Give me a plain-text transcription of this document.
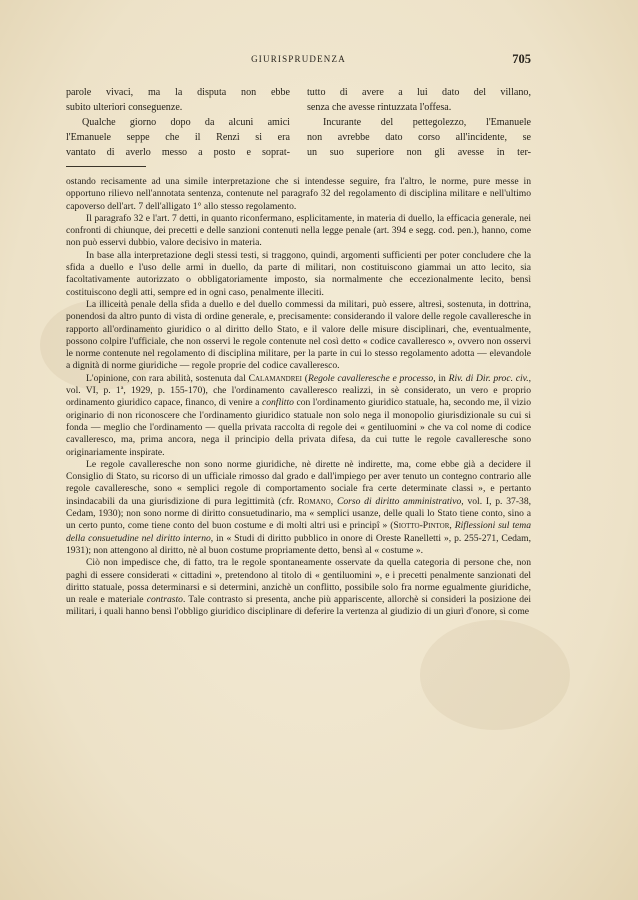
GIURISPRUDENZA	705

parole vivaci, ma la disputa non ebbe

subito ulteriori conseguenze.

Qualche giorno dopo da alcuni amici

l'Emanuele seppe che il Renzi si era

vantato di averlo messo a posto e soprat-

tutto di avere a lui dato del villano,

senza che avesse rintuzzata l'offesa.

Incurante del pettegolezzo, l'Emanuele

non avrebbe dato corso all'incidente, se

un suo superiore non gli avesse in ter-

ostando recisamente ad una simile interpretazione che si intendesse seguire, fra l'altro, le norme, pure messe in opportuno rilievo nell'annotata sentenza, contenute nel paragrafo 32 del regolamento di disciplina militare e nell'ultimo capoverso dell'art. 7 dell'alligato 1° allo stesso regolamento.

Il paragrafo 32 e l'art. 7 detti, in quanto riconfermano, esplicitamente, in materia di duello, la efficacia generale, nei confronti di chiunque, dei precetti e delle sanzioni contenuti nella legge penale (art. 394 e segg. cod. pen.), hanno, come non può esservi dubbio, valore decisivo in materia.

In base alla interpretazione degli stessi testi, si traggono, quindi, argomenti sufficienti per poter concludere che la sfida a duello e l'uso delle armi in duello, da parte di militari, non costituiscono giammai un atto lecito, sia facoltativamente autorizzato o obbligatoriamente imposto, sia normalmente che eccezionalmente lecito, bensì costituiscono degli atti, sempre ed in ogni caso, penalmente illeciti.

La illiceità penale della sfida a duello e del duello commessi da militari, può essere, altresì, sostenuta, in dottrina, ponendosi da altro punto di vista di ordine generale, e, precisamente: considerando il valore delle regole cavalleresche in rapporto all'ordinamento giuridico o al diritto dello Stato, e il valore delle misure disciplinari, che, eventualmente, possono colpire l'ufficiale, che non osservi le regole contenute nel così detto « codice cavalleresco », ovvero non osservi le norme contenute nel regolamento di disciplina militare, per la parte in cui lo stesso regolamento adotta — elevandole a dignità di norme giuridiche — regole proprie del codice cavalleresco.

L'opinione, con rara abilità, sostenuta dal Calamandrei (Regole cavalleresche e processo, in Riv. di Dir. proc. civ., vol. VI, p. 1ª, 1929, p. 155-170), che l'ordinamento cavalleresco realizzi, in sè considerato, un vero e proprio ordinamento giuridico capace, financo, di venire a conflitto con l'ordinamento giuridico statuale, ha, secondo me, il vizio originario di non riconoscere che l'ordinamento giuridico statuale non solo nega il monopolio giurisdizionale su cui si fonda — meglio che l'ordinamento — quella privata raccolta di regole dei « gentiluomini » che va col nome di codice cavalleresco, ma, prima ancora, nega il principio della privata difesa, da cui tutte le regole cavalleresche sono originariamente inspirate.

Le regole cavalleresche non sono norme giuridiche, nè dirette nè indirette, ma, come ebbe già a decidere il Consiglio di Stato, su ricorso di un ufficiale rimosso dal grado e dall'impiego per aver tenuto un contegno contrario alle regole cavalleresche, sono « semplici regole di comportamento sociale fra certe determinate classi », e pertanto insindacabili da una giurisdizione di pura legittimità (cfr. Romano, Corso di diritto amministrativo, vol. I, p. 37-38, Cedam, 1930); non sono norme di diritto consuetudinario, ma « semplici usanze, delle quali lo Stato tiene conto, sino a un certo punto, come tiene conto del buon costume e di molti altri usi e principî » (Siotto-Pintor, Riflessioni sul tema della consuetudine nel diritto interno, in « Studi di diritto pubblico in onore di Oreste Ranelletti », p. 255-271, Cedam, 1931); non attengono al diritto, nè al buon costume propriamente detto, bensì al « costume ».

Ciò non impedisce che, di fatto, tra le regole spontaneamente osservate da quella categoria di persone che, non paghi di essere considerati « cittadini », pretendono al titolo di « gentiluomini », e i precetti penalmente sanzionati del diritto statuale, possa determinarsi e si determini, anzichè un conflitto, possibile solo fra norme egualmente giuridiche, un reale e materiale contrasto. Tale contrasto si presenta, anche più appariscente, allorchè si consideri la posizione dei militari, i quali hanno bensì l'obbligo giuridico disciplinare di deferire la vertenza al giudizio di un giurì d'onore, sì come
